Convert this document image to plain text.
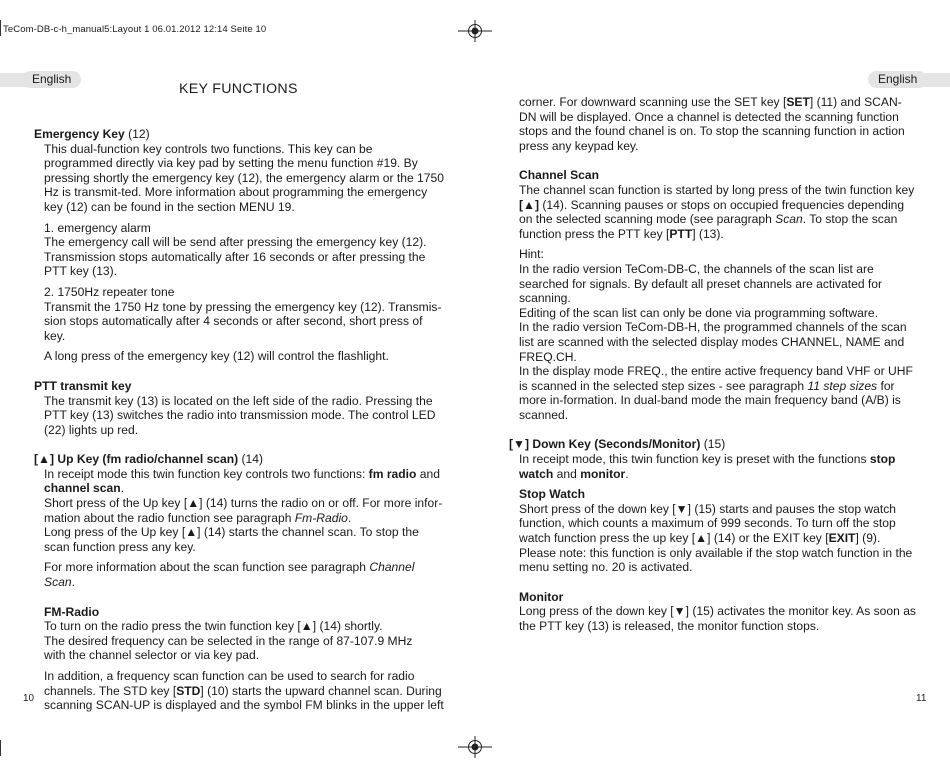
TeCom-DB-c-h_manual5:Layout 1 06.01.2012 12:14 Seite 10
English	English
KEY FUNCTIONS
Emergency Key (12)

This dual-function key controls two functions. This key can be programmed directly via key pad by setting the menu function #19. By pressing shortly the emergency key (12), the emergency alarm or the 1750 Hz is transmit-ted. More information about programming the emergency key (12) can be found in the section MENU 19.

1. emergency alarm

The emergency call will be send after pressing the emergency key (12). Transmission stops automatically after 16 seconds or after pressing the PTT key (13).

2. 1750Hz repeater tone

Transmit the 1750 Hz tone by pressing the emergency key (12). Transmis-sion stops automatically after 4 seconds or after second, short press of key.

A long press of the emergency key (12) will control the flashlight.

PTT transmit key

The transmit key (13) is located on the left side of the radio. Pressing the PTT key (13) switches the radio into transmission mode. The control LED (22) lights up red.

[▲] Up Key (fm radio/channel scan) (14)

In receipt mode this twin function key controls two functions: fm radio and channel scan.

Short press of the Up key [▲] (14) turns the radio on or off. For more infor-mation about the radio function see paragraph Fm-Radio.

Long press of the Up key [▲] (14) starts the channel scan. To stop the scan function press any key.

For more information about the scan function see paragraph Channel Scan.

FM-Radio

To turn on the radio press the twin function key [▲] (14) shortly.

The desired frequency can be selected in the range of 87-107.9 MHz

with the channel selector or via key pad.

In addition, a frequency scan function can be used to search for radio channels. The STD key [STD] (10) starts the upward channel scan. During scanning SCAN-UP is displayed and the symbol FM blinks in the upper left

10	11

corner. For downward scanning use the SET key [SET] (11) and SCAN-DN will be displayed. Once a channel is detected the scanning function stops and the found chanel is on. To stop the scanning function in action press any keypad key.

Channel Scan

The channel scan function is started by long press of the twin function key [▲] (14). Scanning pauses or stops on occupied frequencies depending on the selected scanning mode (see paragraph Scan. To stop the scan function press the PTT key [PTT] (13).

Hint:

In the radio version TeCom-DB-C, the channels of the scan list are searched for signals. By default all preset channels are activated for scanning.

Editing of the scan list can only be done via programming software.

In the radio version TeCom-DB-H, the programmed channels of the scan list are scanned with the selected display modes CHANNEL, NAME and FREQ.CH.

In the display mode FREQ., the entire active frequency band VHF or UHF is scanned in the selected step sizes - see paragraph 11 step sizes for more in-formation. In dual-band mode the main frequency band (A/B) is scanned.

[▼] Down Key (Seconds/Monitor) (15)

In receipt mode, this twin function key is preset with the functions stop watch and monitor.

Stop Watch

Short press of the down key [▼] (15) starts and pauses the stop watch function, which counts a maximum of 999 seconds. To turn off the stop watch function press the up key [▲] (14) or the EXIT key [EXIT] (9).

Please note: this function is only available if the stop watch function in the menu setting no. 20 is activated.

Monitor

Long press of the down key [▼] (15) activates the monitor key. As soon as the PTT key (13) is released, the monitor function stops.
